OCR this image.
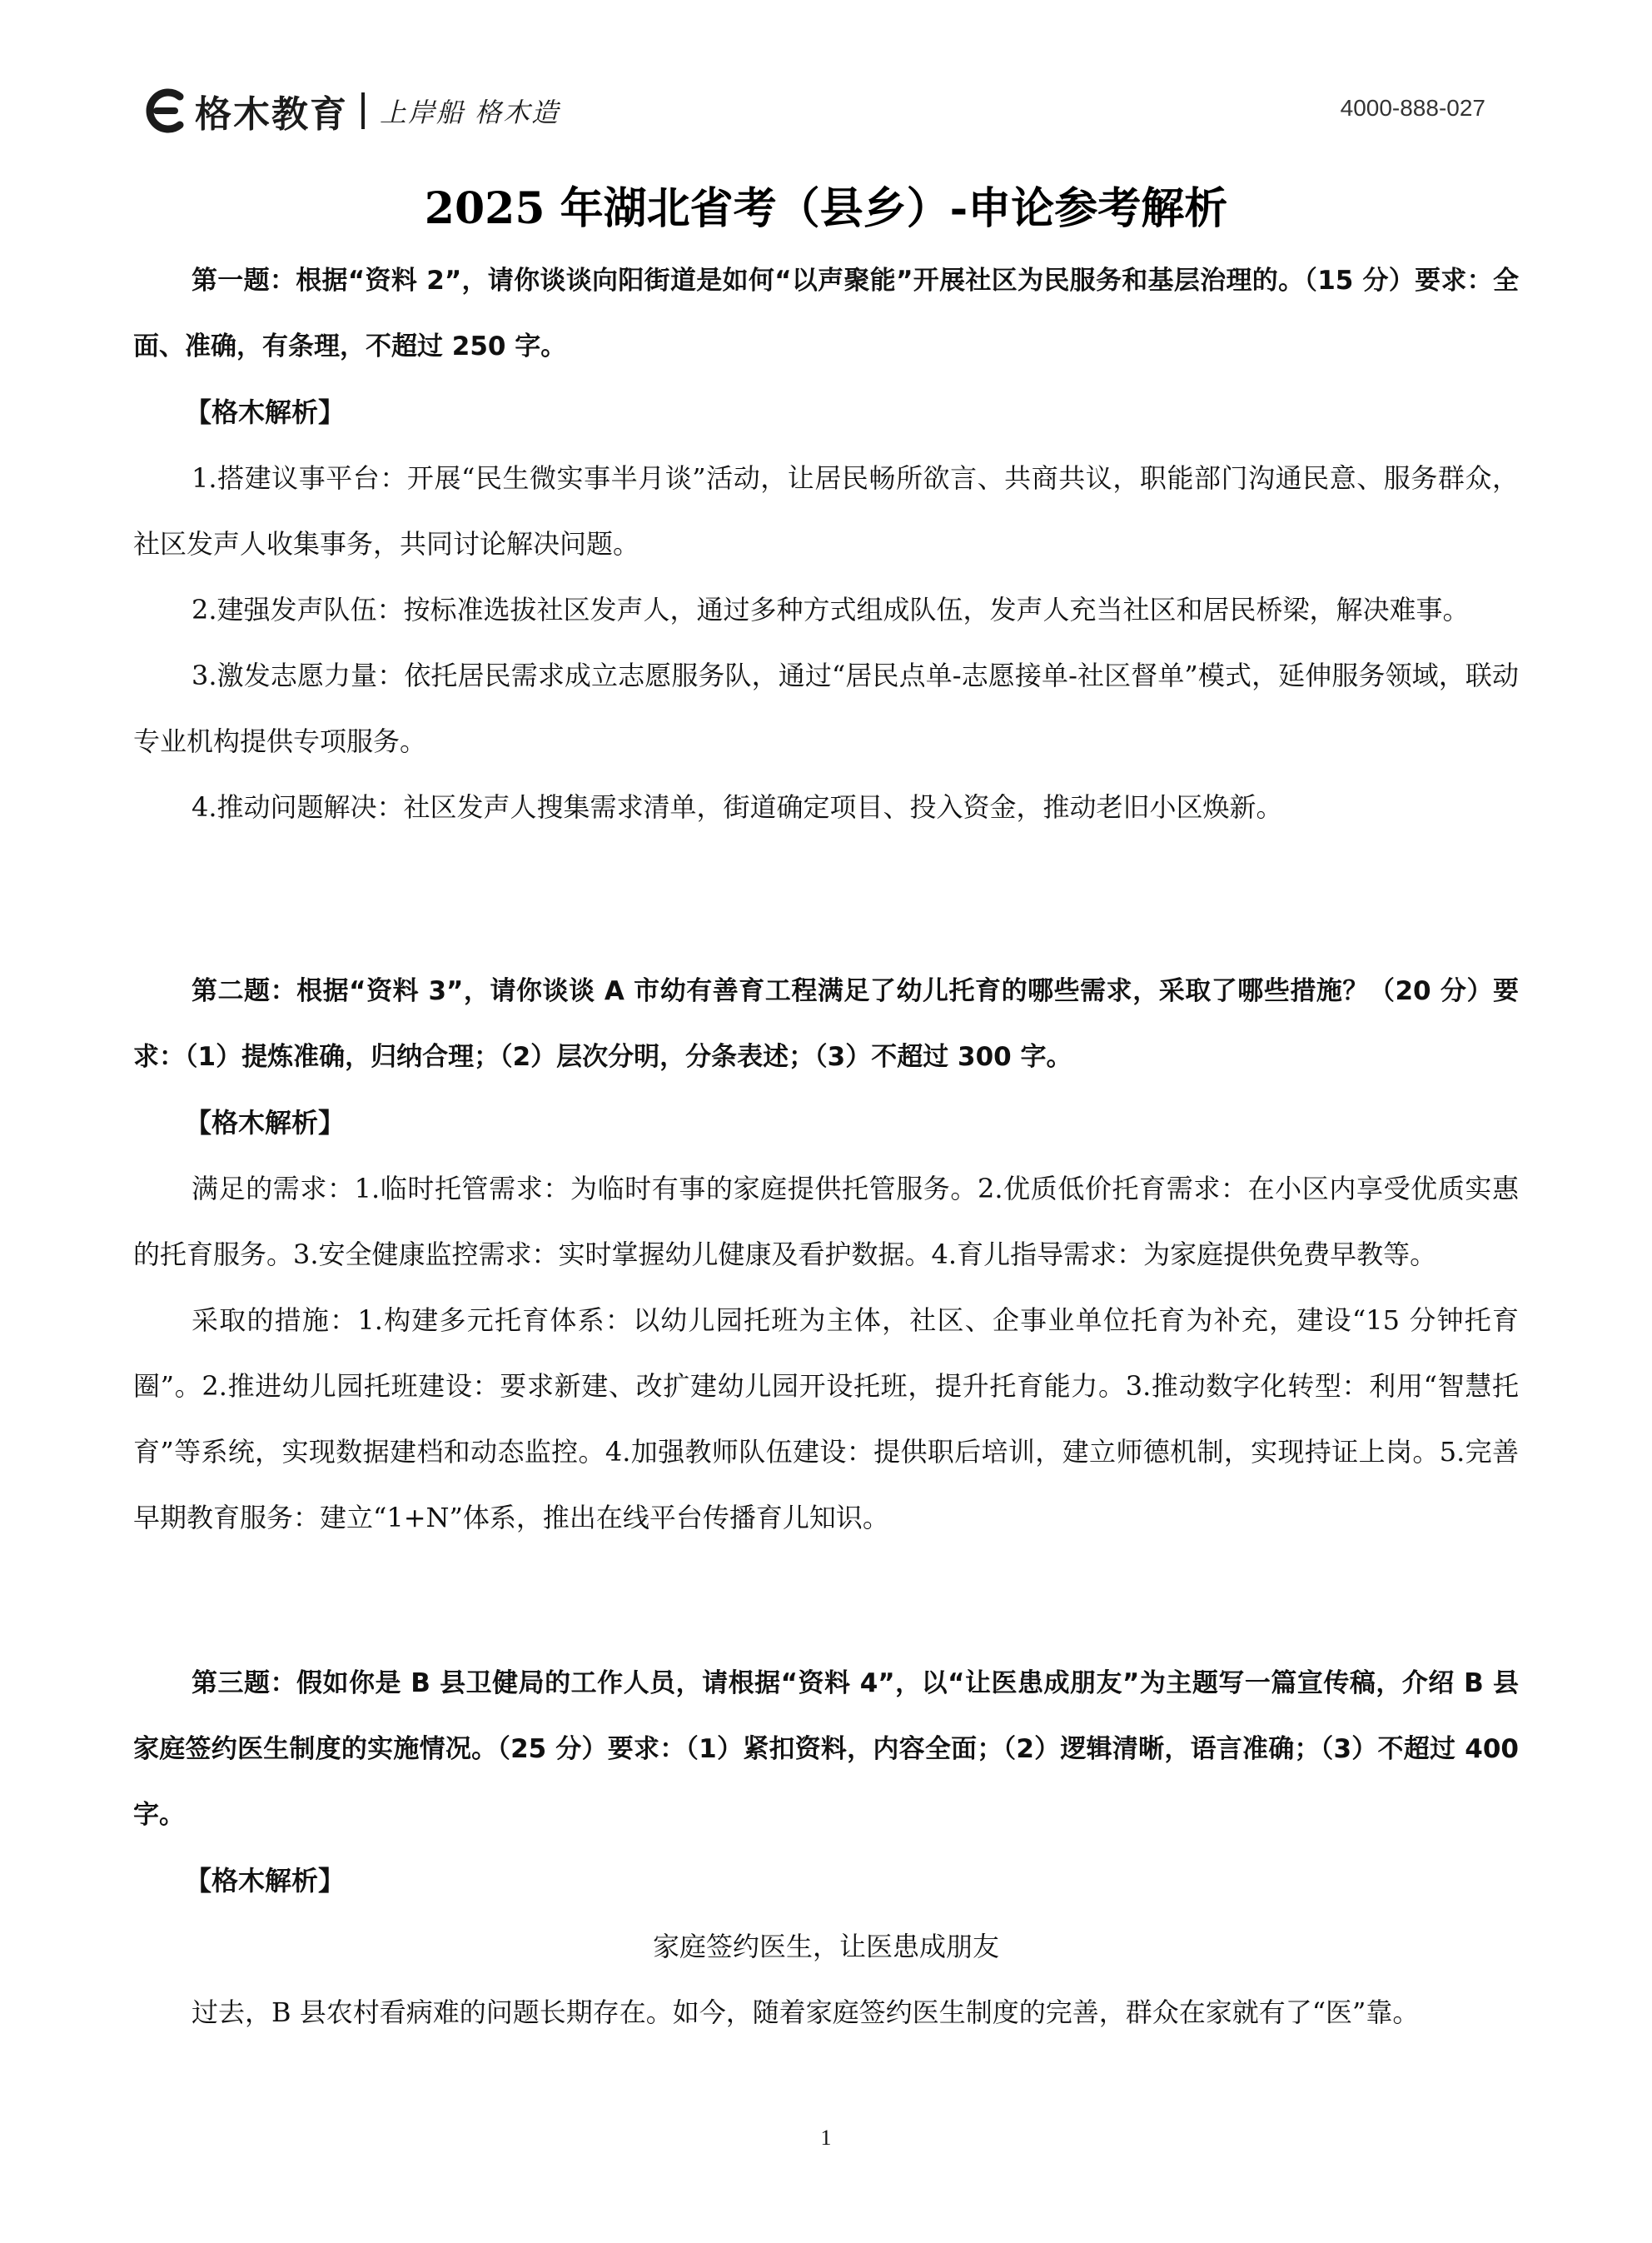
格木教育 上岸船 格木造	4000-888-027
2025 年湖北省考（县乡）-申论参考解析

第一题：根据“资料 2”，请你谈谈向阳街道是如何“以声聚能”开展社区为民服务和基层治理的。（15 分）要求：全面、准确，有条理，不超过 250 字。

【格木解析】

1.搭建议事平台：开展“民生微实事半月谈”活动，让居民畅所欲言、共商共议，职能部门沟通民意、服务群众，社区发声人收集事务，共同讨论解决问题。

2.建强发声队伍：按标准选拔社区发声人，通过多种方式组成队伍，发声人充当社区和居民桥梁，解决难事。

3.激发志愿力量：依托居民需求成立志愿服务队，通过“居民点单-志愿接单-社区督单”模式，延伸服务领域，联动专业机构提供专项服务。

4.推动问题解决：社区发声人搜集需求清单，街道确定项目、投入资金，推动老旧小区焕新。

第二题：根据“资料 3”，请你谈谈 A 市幼有善育工程满足了幼儿托育的哪些需求，采取了哪些措施？（20 分）要求：（1）提炼准确，归纳合理；（2）层次分明，分条表述；（3）不超过 300 字。

【格木解析】

满足的需求：1.临时托管需求：为临时有事的家庭提供托管服务。2.优质低价托育需求：在小区内享受优质实惠的托育服务。3.安全健康监控需求：实时掌握幼儿健康及看护数据。4.育儿指导需求：为家庭提供免费早教等。

采取的措施：1.构建多元托育体系：以幼儿园托班为主体，社区、企事业单位托育为补充，建设“15 分钟托育圈”。2.推进幼儿园托班建设：要求新建、改扩建幼儿园开设托班，提升托育能力。3.推动数字化转型：利用“智慧托育”等系统，实现数据建档和动态监控。4.加强教师队伍建设：提供职后培训，建立师德机制，实现持证上岗。5.完善早期教育服务：建立“1+N”体系，推出在线平台传播育儿知识。

第三题：假如你是 B 县卫健局的工作人员，请根据“资料 4”，以“让医患成朋友”为主题写一篇宣传稿，介绍 B 县家庭签约医生制度的实施情况。（25 分）要求：（1）紧扣资料，内容全面；（2）逻辑清晰，语言准确；（3）不超过 400 字。

【格木解析】

家庭签约医生，让医患成朋友

过去，B 县农村看病难的问题长期存在。如今，随着家庭签约医生制度的完善，群众在家就有了“医”靠。

1
